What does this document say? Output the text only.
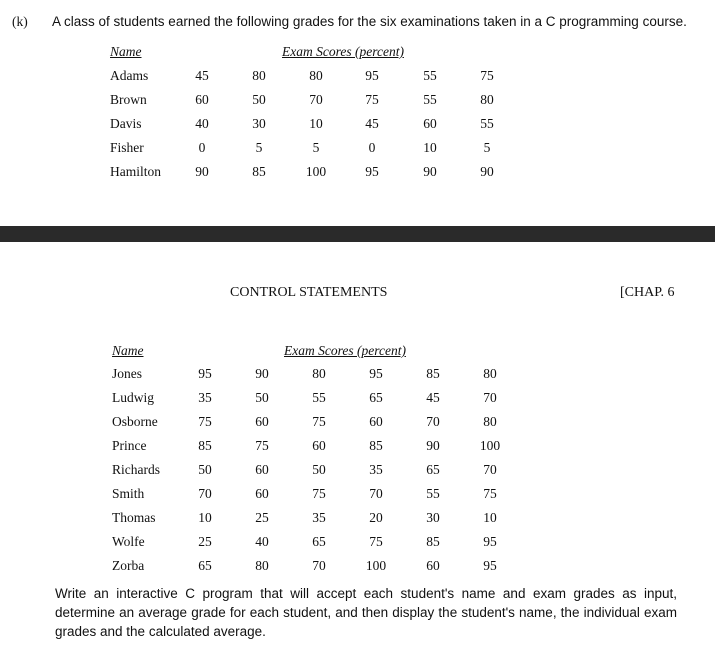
(k) A class of students earned the following grades for the six examinations taken in a C programming course.
Name	Exam Scores (percent)
Adams	45	80	80	95	55	75
Brown	60	50	70	75	55	80
Davis	40	30	10	45	60	55
Fisher	0	5	5	0	10	5
Hamilton	90	85	100	95	90	90
CONTROL STATEMENTS	[CHAP. 6
Name	Exam Scores (percent)
Jones	95	90	80	95	85	80
Ludwig	35	50	55	65	45	70
Osborne	75	60	75	60	70	80
Prince	85	75	60	85	90	100
Richards	50	60	50	35	65	70
Smith	70	60	75	70	55	75
Thomas	10	25	35	20	30	10
Wolfe	25	40	65	75	85	95
Zorba	65	80	70	100	60	95
Write an interactive C program that will accept each student's name and exam grades as input, determine an average grade for each student, and then display the student's name, the individual exam grades and the calculated average.
